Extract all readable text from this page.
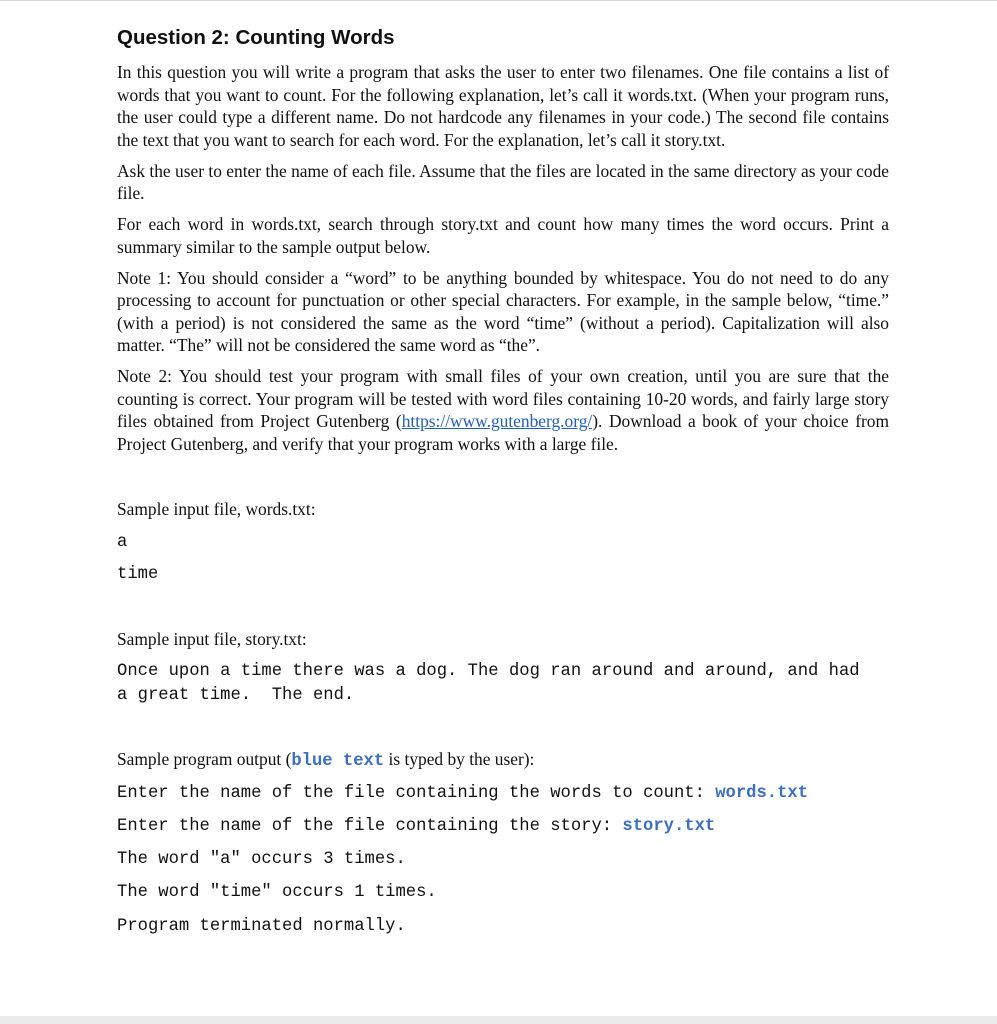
Question 2: Counting Words

In this question you will write a program that asks the user to enter two filenames. One file contains a list of words that you want to count. For the following explanation, let’s call it words.txt. (When your program runs, the user could type a different name. Do not hardcode any filenames in your code.) The second file contains the text that you want to search for each word. For the explanation, let’s call it story.txt.

Ask the user to enter the name of each file. Assume that the files are located in the same directory as your code file.

For each word in words.txt, search through story.txt and count how many times the word occurs. Print a summary similar to the sample output below.

Note 1: You should consider a “word” to be anything bounded by whitespace. You do not need to do any processing to account for punctuation or other special characters. For example, in the sample below, “time.” (with a period) is not considered the same as the word “time” (without a period). Capitalization will also matter. “The” will not be considered the same word as “the”.

Note 2: You should test your program with small files of your own creation, until you are sure that the counting is correct. Your program will be tested with word files containing 10-20 words, and fairly large story files obtained from Project Gutenberg (https://www.gutenberg.org/). Download a book of your choice from Project Gutenberg, and verify that your program works with a large file.

Sample input file, words.txt:

a

time

Sample input file, story.txt:

Once upon a time there was a dog. The dog ran around and around, and had

a great time.  The end.

Sample program output (blue text is typed by the user):

Enter the name of the file containing the words to count: words.txt

Enter the name of the file containing the story: story.txt

The word "a" occurs 3 times.

The word "time" occurs 1 times.

Program terminated normally.
